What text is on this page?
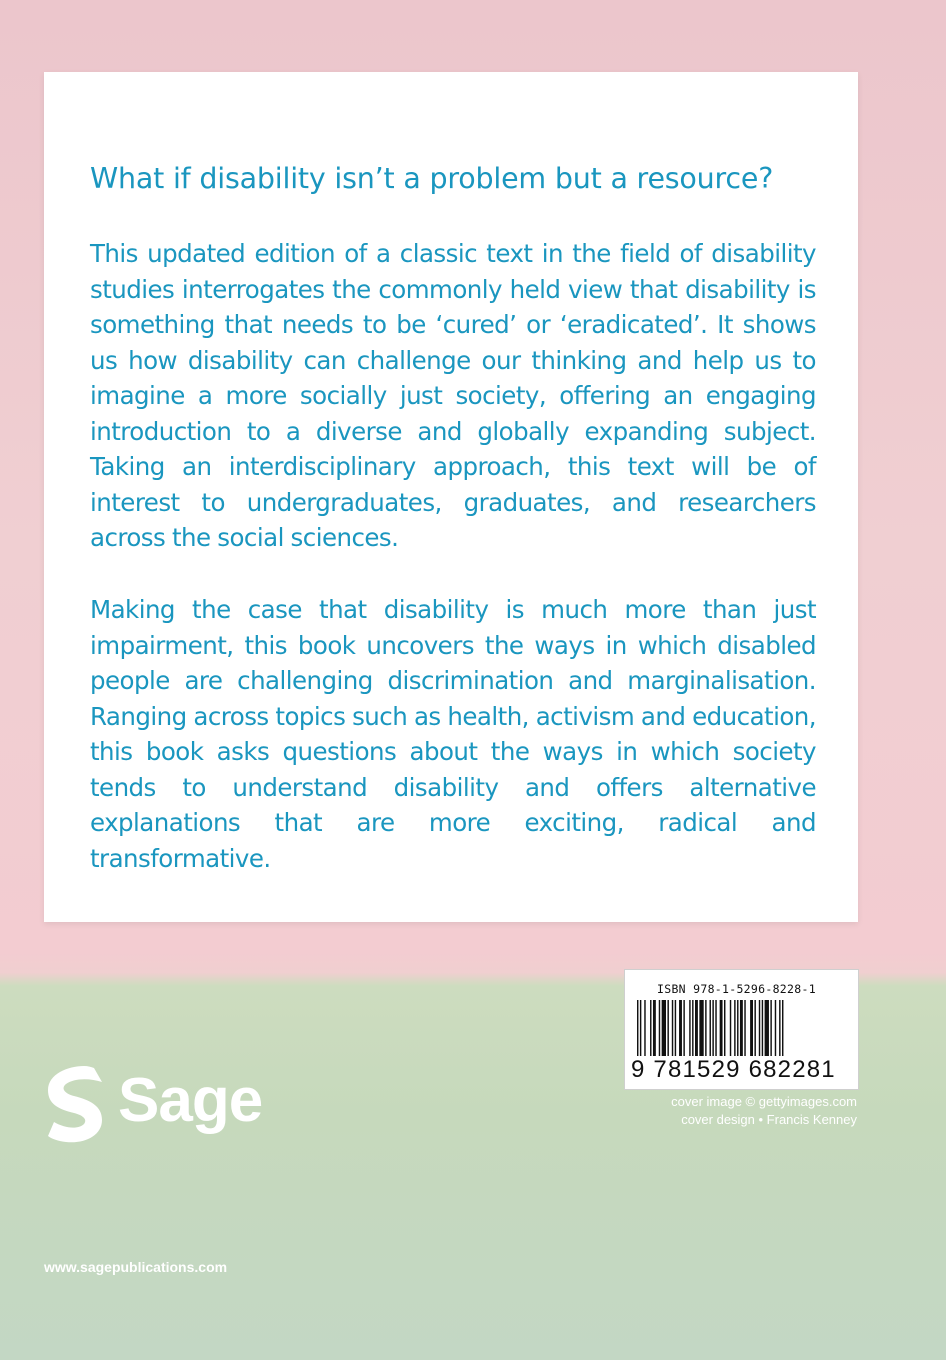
What if disability isn’t a problem but a resource?

This updated edition of a classic text in the field of disability studies interrogates the commonly held view that disability is something that needs to be ‘cured’ or ‘eradicated’. It shows us how disability can challenge our thinking and help us to imagine a more socially just society, offering an engaging introduction to a diverse and globally expanding subject. Taking an interdisciplinary approach, this text will be of interest to undergraduates, graduates, and researchers across the social sciences.

Making the case that disability is much more than just impairment, this book uncovers the ways in which disabled people are challenging discrimination and marginalisation. Ranging across topics such as health, activism and education, this book asks questions about the ways in which society tends to understand disability and offers alternative explanations that are more exciting, radical and transformative.

Sage
www.sagepublications.com
ISBN 978-1-5296-8228-1
9 781529 682281
cover image © gettyimages.com
cover design • Francis Kenney
